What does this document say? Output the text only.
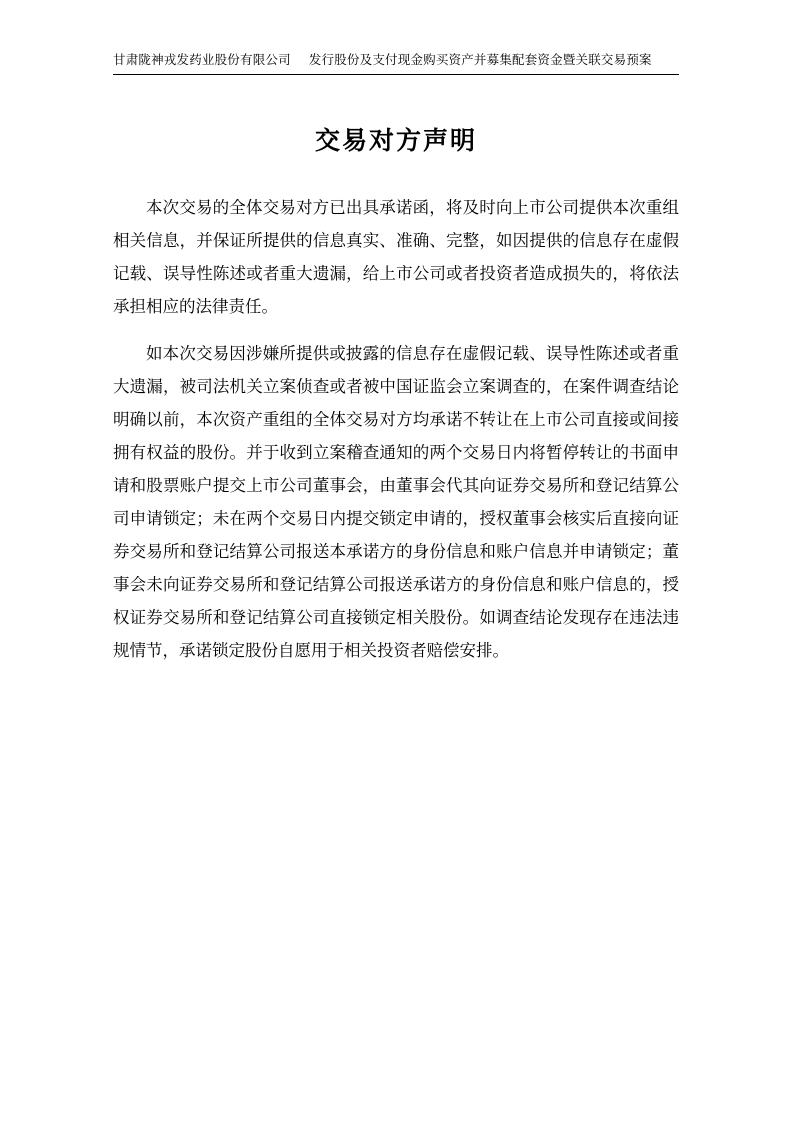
甘肃陇神戎发药业股份有限公司 发行股份及支付现金购买资产并募集配套资金暨关联交易预案
交易对方声明

本次交易的全体交易对方已出具承诺函，将及时向上市公司提供本次重组相关信息，并保证所提供的信息真实、准确、完整，如因提供的信息存在虚假记载、误导性陈述或者重大遗漏，给上市公司或者投资者造成损失的，将依法承担相应的法律责任。

如本次交易因涉嫌所提供或披露的信息存在虚假记载、误导性陈述或者重大遗漏，被司法机关立案侦查或者被中国证监会立案调查的，在案件调查结论明确以前，本次资产重组的全体交易对方均承诺不转让在上市公司直接或间接拥有权益的股份。并于收到立案稽查通知的两个交易日内将暂停转让的书面申请和股票账户提交上市公司董事会，由董事会代其向证券交易所和登记结算公司申请锁定；未在两个交易日内提交锁定申请的，授权董事会核实后直接向证券交易所和登记结算公司报送本承诺方的身份信息和账户信息并申请锁定；董事会未向证券交易所和登记结算公司报送承诺方的身份信息和账户信息的，授权证券交易所和登记结算公司直接锁定相关股份。如调查结论发现存在违法违规情节，承诺锁定股份自愿用于相关投资者赔偿安排。
